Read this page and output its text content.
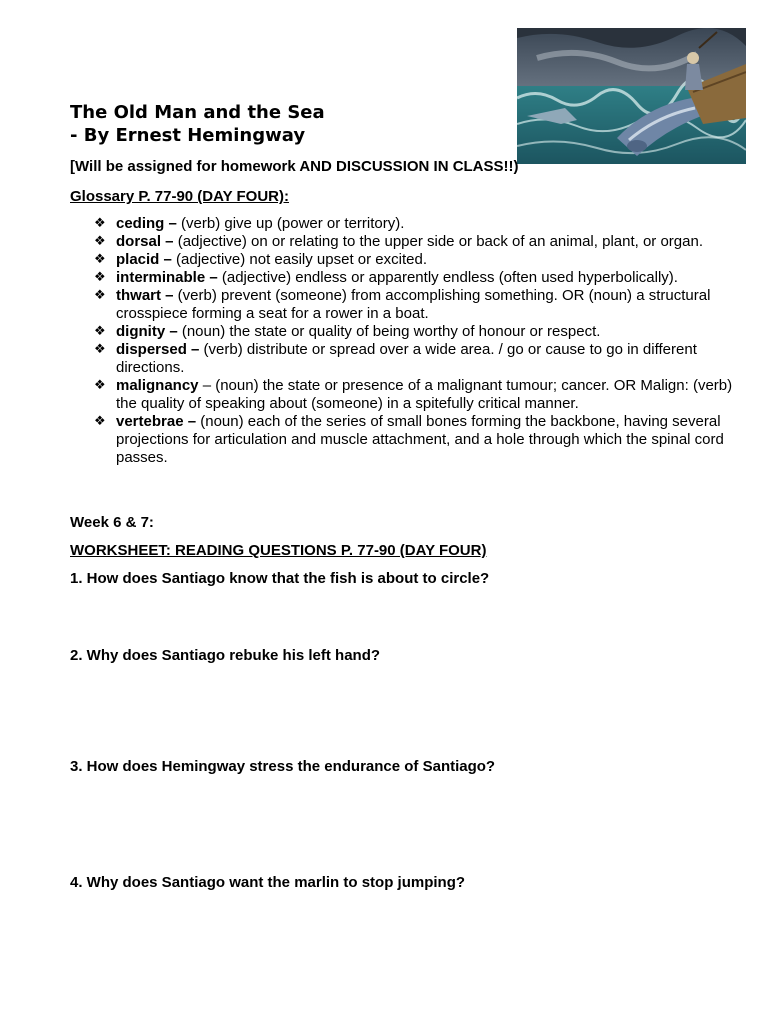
The Old Man and the Sea
- By Ernest Hemingway
[Will be assigned for homework AND DISCUSSION IN CLASS!!)
Glossary P. 77-90 (DAY FOUR):
❖ ceding – (verb) give up (power or territory).
❖ dorsal – (adjective) on or relating to the upper side or back of an animal, plant, or organ.
❖ placid – (adjective) not easily upset or excited.
❖ interminable – (adjective) endless or apparently endless (often used hyperbolically).
❖ thwart – (verb) prevent (someone) from accomplishing something. OR (noun) a structural crosspiece forming a seat for a rower in a boat.
❖ dignity – (noun) the state or quality of being worthy of honour or respect.
❖ dispersed – (verb) distribute or spread over a wide area. / go or cause to go in different directions.
❖ malignancy – (noun) the state or presence of a malignant tumour; cancer. OR Malign: (verb) the quality of speaking about (someone) in a spitefully critical manner.
❖ vertebrae – (noun) each of the series of small bones forming the backbone, having several projections for articulation and muscle attachment, and a hole through which the spinal cord passes.
Week 6 & 7:
WORKSHEET: READING QUESTIONS P. 77-90 (DAY FOUR)
1. How does Santiago know that the fish is about to circle?
2. Why does Santiago rebuke his left hand?
3. How does Hemingway stress the endurance of Santiago?
4. Why does Santiago want the marlin to stop jumping?
